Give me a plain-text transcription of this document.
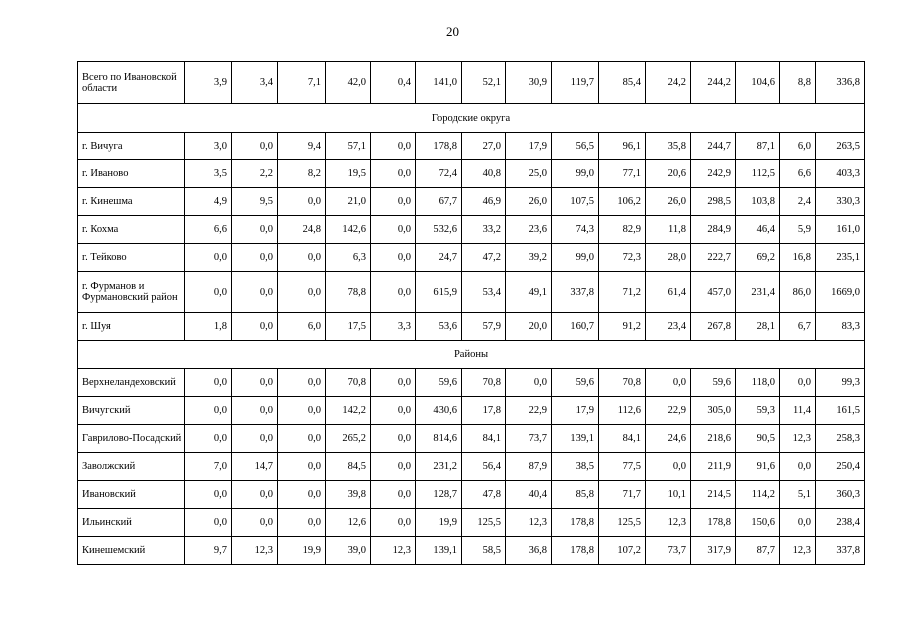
20
Всего по Ивановской области	3,9	3,4	7,1	42,0	0,4	141,0	52,1	30,9	119,7	85,4	24,2	244,2	104,6	8,8	336,8
Городские округа															
г. Вичуга	3,0	0,0	9,4	57,1	0,0	178,8	27,0	17,9	56,5	96,1	35,8	244,7	87,1	6,0	263,5
г. Иваново	3,5	2,2	8,2	19,5	0,0	72,4	40,8	25,0	99,0	77,1	20,6	242,9	112,5	6,6	403,3
г. Кинешма	4,9	9,5	0,0	21,0	0,0	67,7	46,9	26,0	107,5	106,2	26,0	298,5	103,8	2,4	330,3
г. Кохма	6,6	0,0	24,8	142,6	0,0	532,6	33,2	23,6	74,3	82,9	11,8	284,9	46,4	5,9	161,0
г. Тейково	0,0	0,0	0,0	6,3	0,0	24,7	47,2	39,2	99,0	72,3	28,0	222,7	69,2	16,8	235,1
г. Фурманов и Фурмановский район	0,0	0,0	0,0	78,8	0,0	615,9	53,4	49,1	337,8	71,2	61,4	457,0	231,4	86,0	1669,0
г. Шуя	1,8	0,0	6,0	17,5	3,3	53,6	57,9	20,0	160,7	91,2	23,4	267,8	28,1	6,7	83,3
Районы															
Верхнеландеховский	0,0	0,0	0,0	70,8	0,0	59,6	70,8	0,0	59,6	70,8	0,0	59,6	118,0	0,0	99,3
Вичугский	0,0	0,0	0,0	142,2	0,0	430,6	17,8	22,9	17,9	112,6	22,9	305,0	59,3	11,4	161,5
Гаврилово-Посадский	0,0	0,0	0,0	265,2	0,0	814,6	84,1	73,7	139,1	84,1	24,6	218,6	90,5	12,3	258,3
Заволжский	7,0	14,7	0,0	84,5	0,0	231,2	56,4	87,9	38,5	77,5	0,0	211,9	91,6	0,0	250,4
Ивановский	0,0	0,0	0,0	39,8	0,0	128,7	47,8	40,4	85,8	71,7	10,1	214,5	114,2	5,1	360,3
Ильинский	0,0	0,0	0,0	12,6	0,0	19,9	125,5	12,3	178,8	125,5	12,3	178,8	150,6	0,0	238,4
Кинешемский	9,7	12,3	19,9	39,0	12,3	139,1	58,5	36,8	178,8	107,2	73,7	317,9	87,7	12,3	337,8
